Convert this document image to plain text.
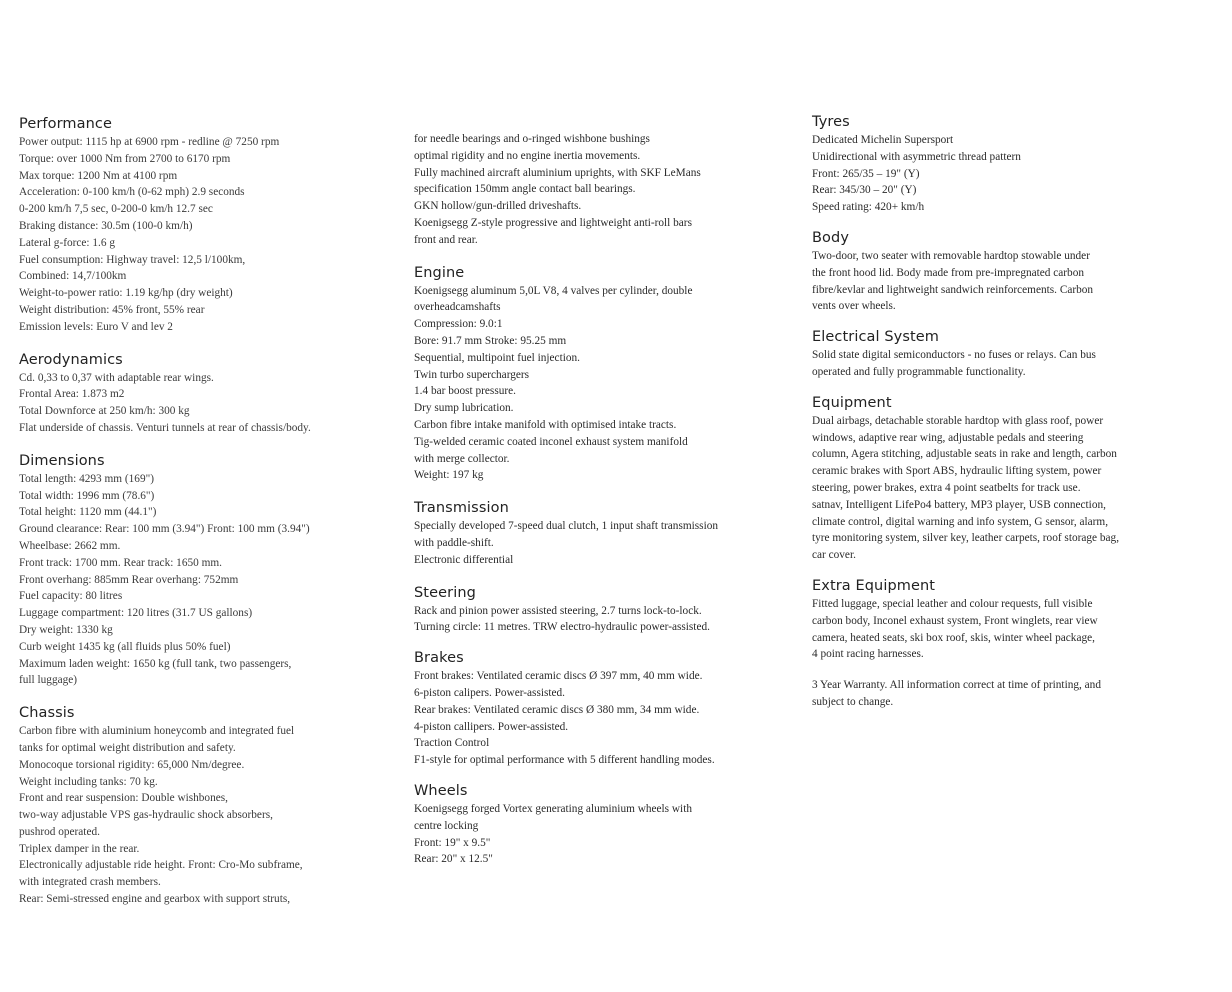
Performance
Power output: 1115 hp at 6900 rpm - redline @ 7250 rpm
Torque: over 1000 Nm from 2700 to 6170 rpm
Max torque: 1200 Nm at 4100 rpm
Acceleration: 0-100 km/h (0-62 mph) 2.9 seconds
0-200 km/h 7,5 sec, 0-200-0 km/h 12.7 sec
Braking distance: 30.5m (100-0 km/h)
Lateral g-force: 1.6 g
Fuel consumption: Highway travel: 12,5 l/100km,
Combined: 14,7/100km
Weight-to-power ratio: 1.19 kg/hp (dry weight)
Weight distribution: 45% front, 55% rear
Emission levels: Euro V and lev 2
Aerodynamics
Cd. 0,33 to 0,37 with adaptable rear wings.
Frontal Area: 1.873 m2
Total Downforce at 250 km/h: 300 kg
Flat underside of chassis. Venturi tunnels at rear of chassis/body.
Dimensions
Total length: 4293 mm (169")
Total width: 1996 mm (78.6")
Total height: 1120 mm (44.1")
Ground clearance: Rear: 100 mm (3.94") Front: 100 mm (3.94")
Wheelbase: 2662 mm.
Front track: 1700 mm. Rear track: 1650 mm.
Front overhang: 885mm Rear overhang: 752mm
Fuel capacity: 80 litres
Luggage compartment: 120 litres (31.7 US gallons)
Dry weight: 1330 kg
Curb weight 1435 kg (all fluids plus 50% fuel)
Maximum laden weight: 1650 kg (full tank, two passengers,
full luggage)
Chassis
Carbon fibre with aluminium honeycomb and integrated fuel
tanks for optimal weight distribution and safety.
Monocoque torsional rigidity: 65,000 Nm/degree.
Weight including tanks: 70 kg.
Front and rear suspension: Double wishbones,
two-way adjustable VPS gas-hydraulic shock absorbers,
pushrod operated.
Triplex damper in the rear.
Electronically adjustable ride height. Front: Cro-Mo subframe,
with integrated crash members.
Rear: Semi-stressed engine and gearbox with support struts,
for needle bearings and o-ringed wishbone bushings
optimal rigidity and no engine inertia movements.
Fully machined aircraft aluminium uprights, with SKF LeMans
specification 150mm angle contact ball bearings.
GKN hollow/gun-drilled driveshafts.
Koenigsegg Z-style progressive and lightweight anti-roll bars
front and rear.
Engine
Koenigsegg aluminum 5,0L V8, 4 valves per cylinder, double
overheadcamshafts
Compression: 9.0:1
Bore: 91.7 mm Stroke: 95.25 mm
Sequential, multipoint fuel injection.
Twin turbo superchargers
1.4 bar boost pressure.
Dry sump lubrication.
Carbon fibre intake manifold with optimised intake tracts.
Tig-welded ceramic coated inconel exhaust system manifold
with merge collector.
Weight: 197 kg
Transmission
Specially developed 7-speed dual clutch, 1 input shaft transmission
with paddle-shift.
Electronic differential
Steering
Rack and pinion power assisted steering, 2.7 turns lock-to-lock.
Turning circle: 11 metres. TRW electro-hydraulic power-assisted.
Brakes
Front brakes: Ventilated ceramic discs Ø 397 mm, 40 mm wide.
6-piston calipers. Power-assisted.
Rear brakes: Ventilated ceramic discs Ø 380 mm, 34 mm wide.
4-piston callipers. Power-assisted.
Traction Control
F1-style for optimal performance with 5 different handling modes.
Wheels
Koenigsegg forged Vortex generating aluminium wheels with
centre locking
Front: 19" x 9.5"
Rear: 20" x 12.5"
Tyres
Dedicated Michelin Supersport
Unidirectional with asymmetric thread pattern
Front: 265/35 – 19" (Y)
Rear: 345/30 – 20" (Y)
Speed rating: 420+ km/h
Body
Two-door, two seater with removable hardtop stowable under
the front hood lid. Body made from pre-impregnated carbon
fibre/kevlar and lightweight sandwich reinforcements. Carbon
vents over wheels.
Electrical System
Solid state digital semiconductors - no fuses or relays. Can bus
operated and fully programmable functionality.
Equipment
Dual airbags, detachable storable hardtop with glass roof, power
windows, adaptive rear wing, adjustable pedals and steering
column, Agera stitching, adjustable seats in rake and length, carbon
ceramic brakes with Sport ABS, hydraulic lifting system, power
steering, power brakes, extra 4 point seatbelts for track use.
satnav, Intelligent LifePo4 battery, MP3 player, USB connection,
climate control, digital warning and info system, G sensor, alarm,
tyre monitoring system, silver key, leather carpets, roof storage bag,
car cover.
Extra Equipment
Fitted luggage, special leather and colour requests, full visible
carbon body, Inconel exhaust system, Front winglets, rear view
camera, heated seats, ski box roof, skis, winter wheel package,
4 point racing harnesses.
3 Year Warranty. All information correct at time of printing, and
subject to change.
